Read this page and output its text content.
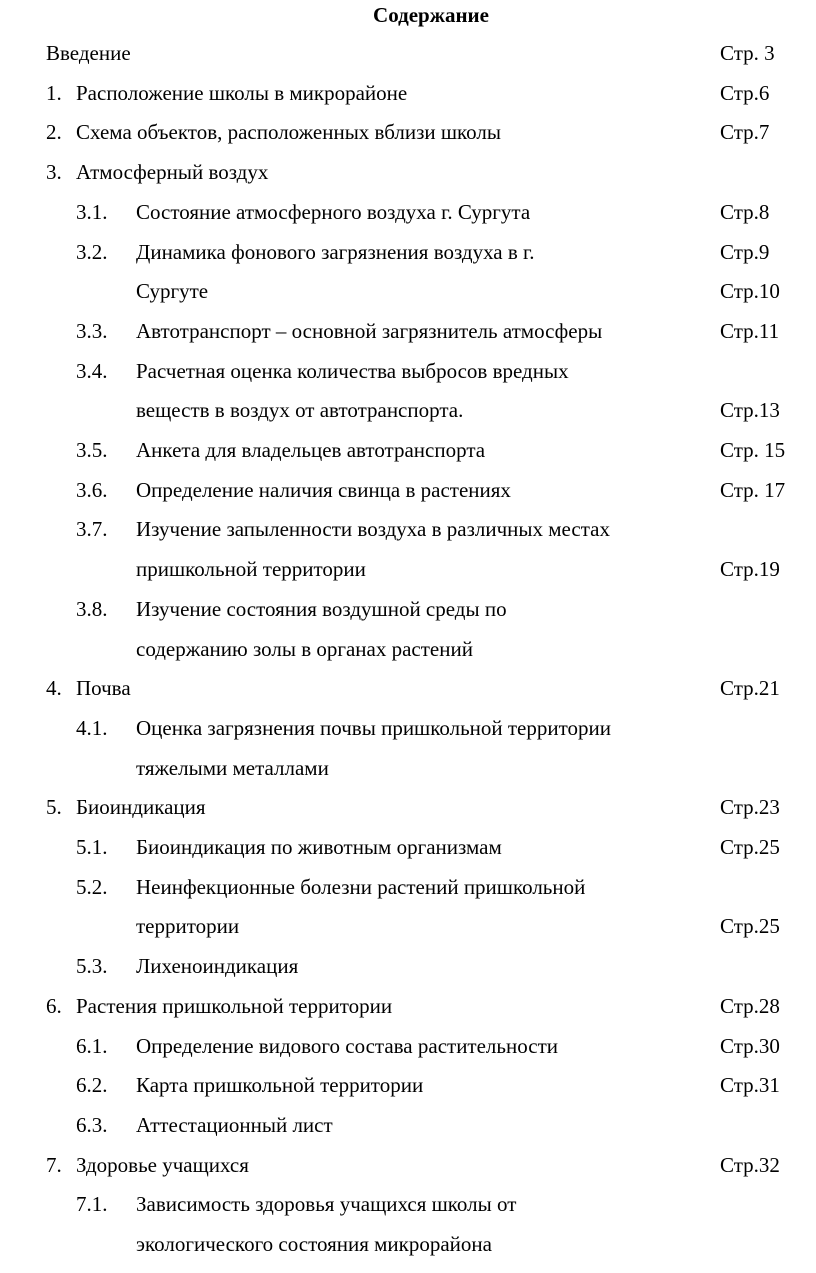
Содержание
Введение	Стр. 3
1. Расположение школы в микрорайоне	Стр.6
2. Схема объектов, расположенных вблизи школы	Стр.7
3. Атмосферный воздух
3.1. Состояние атмосферного воздуха г. Сургута	Стр.8
3.2. Динамика фонового загрязнения воздуха в г.	Стр.9
Сургуте	Стр.10
3.3. Автотранспорт – основной загрязнитель атмосферы	Стр.11
3.4. Расчетная оценка количества выбросов вредных
веществ в воздух от автотранспорта.	Стр.13
3.5. Анкета для владельцев автотранспорта	Стр. 15
3.6. Определение наличия свинца в растениях	Стр. 17
3.7. Изучение запыленности воздуха в различных местах
пришкольной территории	Стр.19
3.8. Изучение состояния воздушной среды по
содержанию золы в органах растений
4. Почва	Стр.21
4.1. Оценка загрязнения почвы пришкольной территории
тяжелыми металлами
5. Биоиндикация	Стр.23
5.1. Биоиндикация по животным организмам	Стр.25
5.2. Неинфекционные болезни растений пришкольной
территории	Стр.25
5.3. Лихеноиндикация
6. Растения пришкольной территории	Стр.28
6.1. Определение видового состава растительности	Стр.30
6.2. Карта пришкольной территории	Стр.31
6.3. Аттестационный лист
7. Здоровье учащихся	Стр.32
7.1. Зависимость здоровья учащихся школы от
экологического состояния микрорайона
